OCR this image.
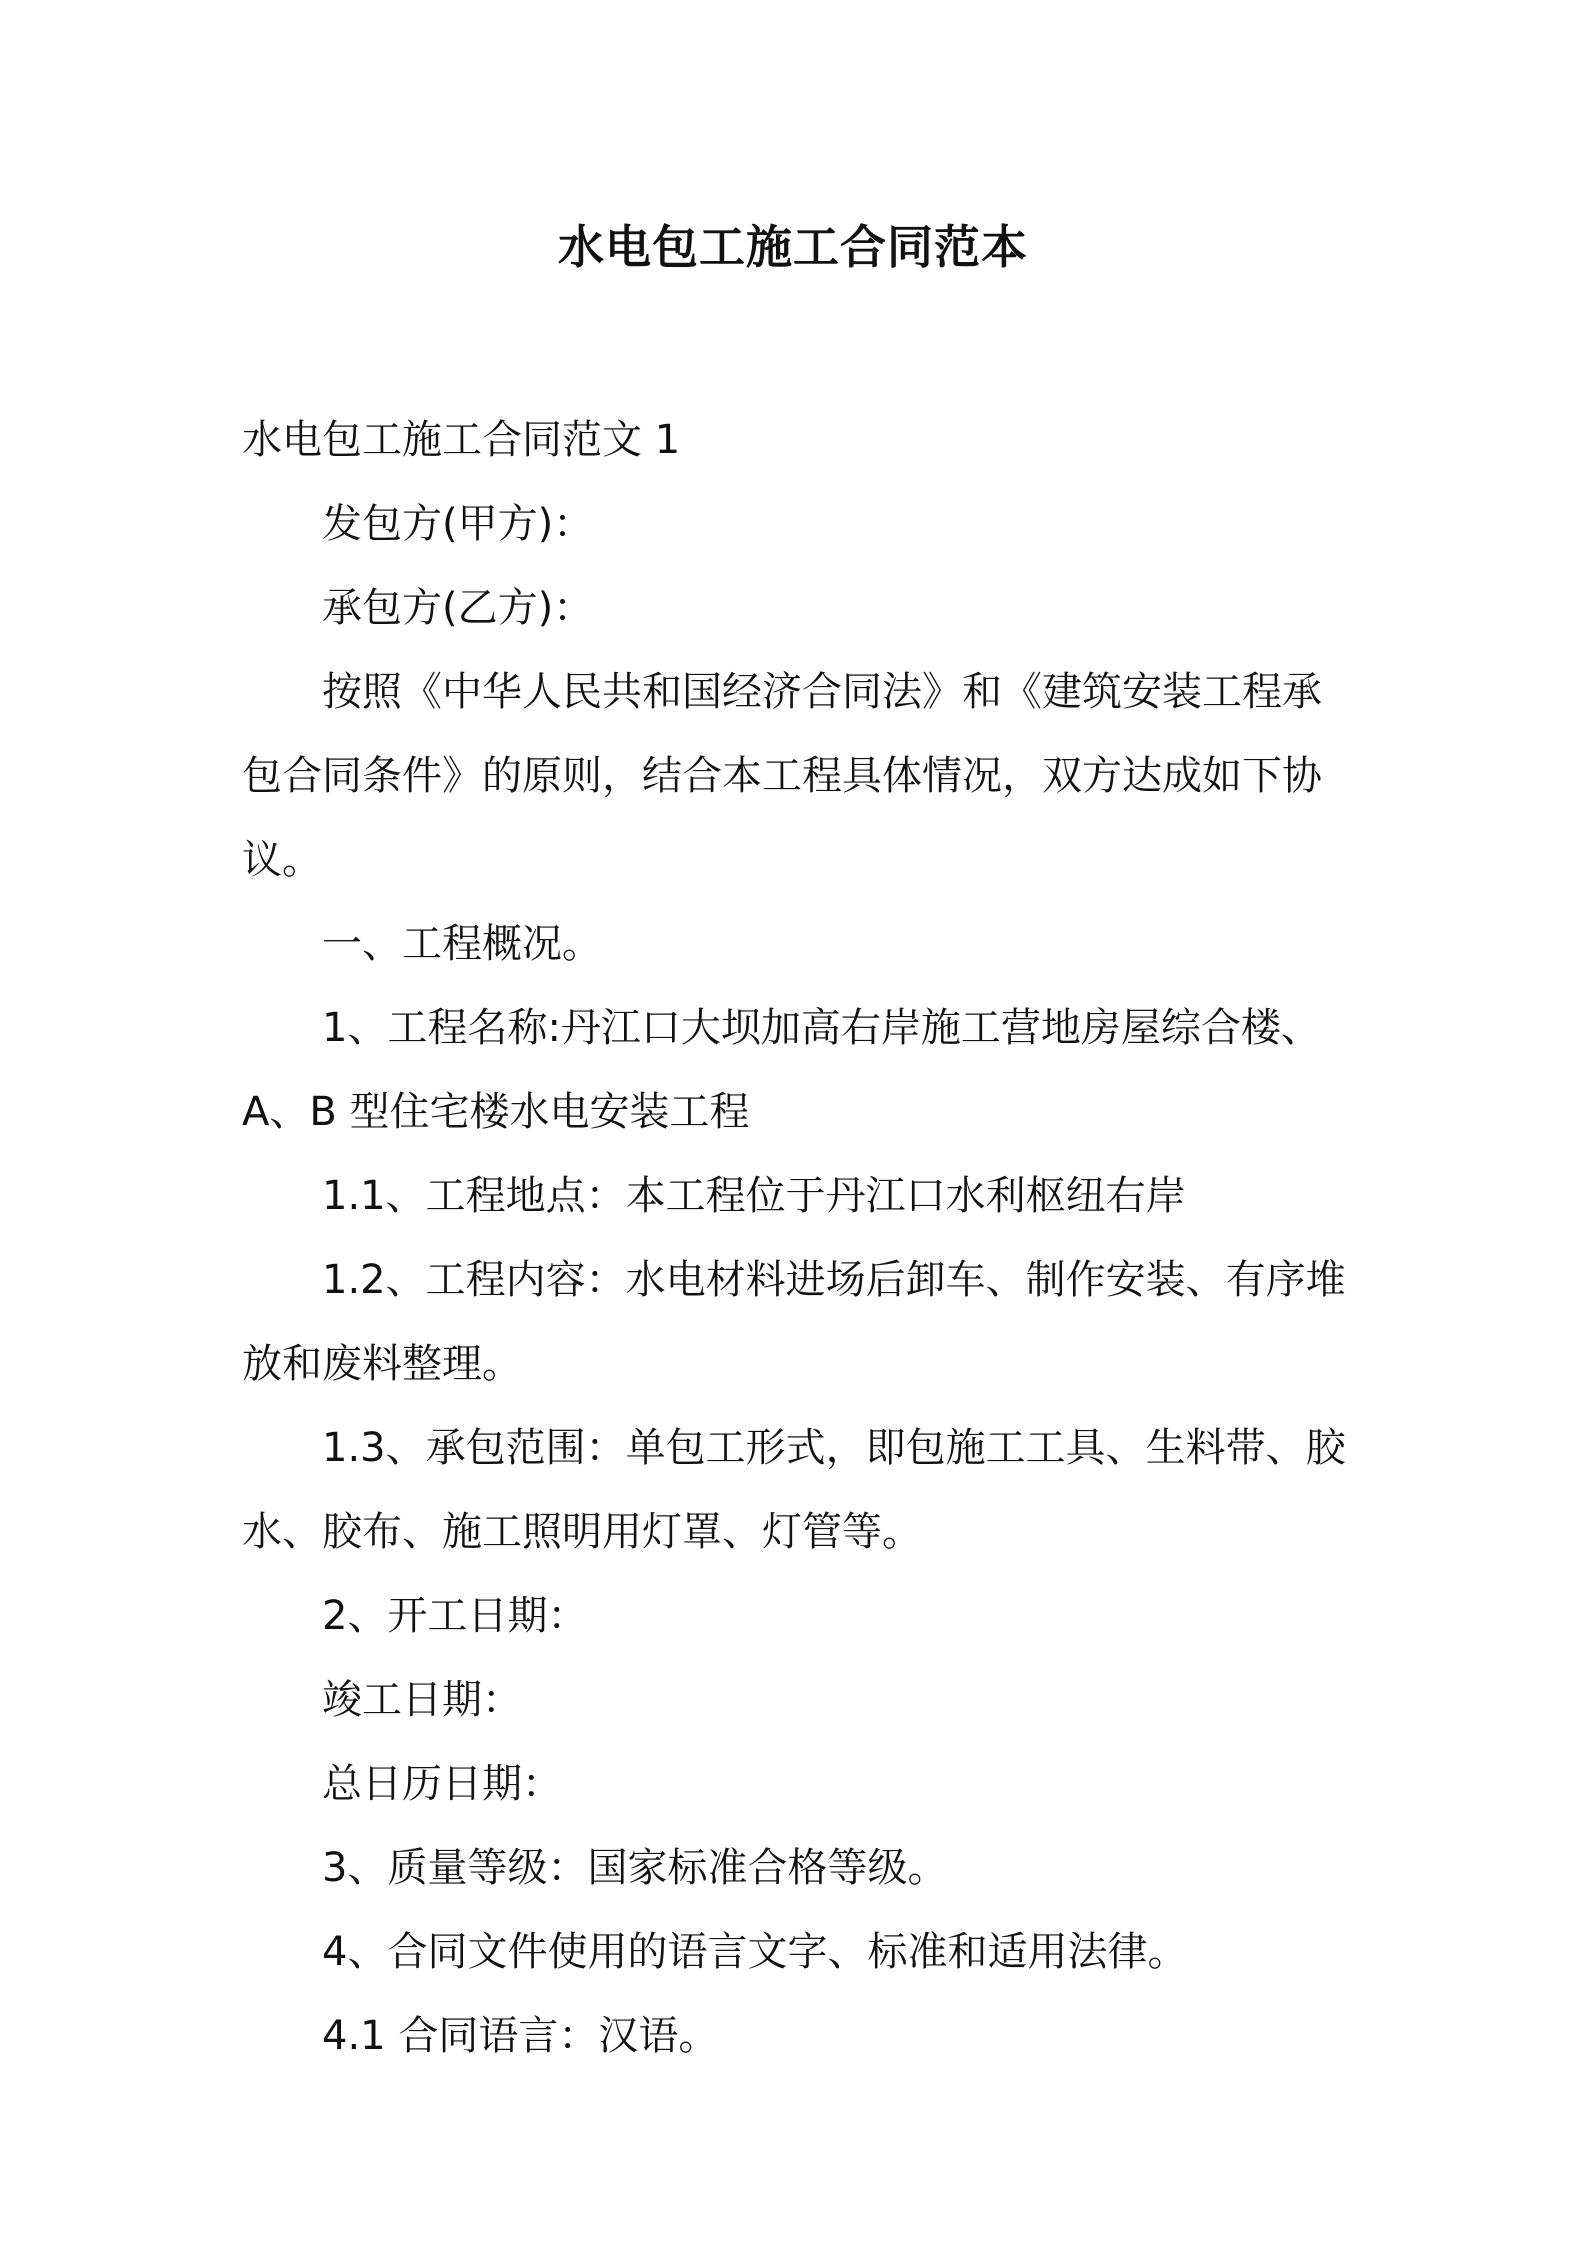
水电包工施工合同范本

水电包工施工合同范文 1

发包方(甲方)：

承包方(乙方)：

按照《中华人民共和国经济合同法》和《建筑安装工程承包合同条件》的原则，结合本工程具体情况，双方达成如下协议。

一、工程概况。

1、工程名称:丹江口大坝加高右岸施工营地房屋综合楼、A、B 型住宅楼水电安装工程

1.1、工程地点：本工程位于丹江口水利枢纽右岸

1.2、工程内容：水电材料进场后卸车、制作安装、有序堆放和废料整理。

1.3、承包范围：单包工形式，即包施工工具、生料带、胶水、胶布、施工照明用灯罩、灯管等。

2、开工日期：

竣工日期：

总日历日期：

3、质量等级：国家标准合格等级。

4、合同文件使用的语言文字、标准和适用法律。

4.1 合同语言：汉语。
